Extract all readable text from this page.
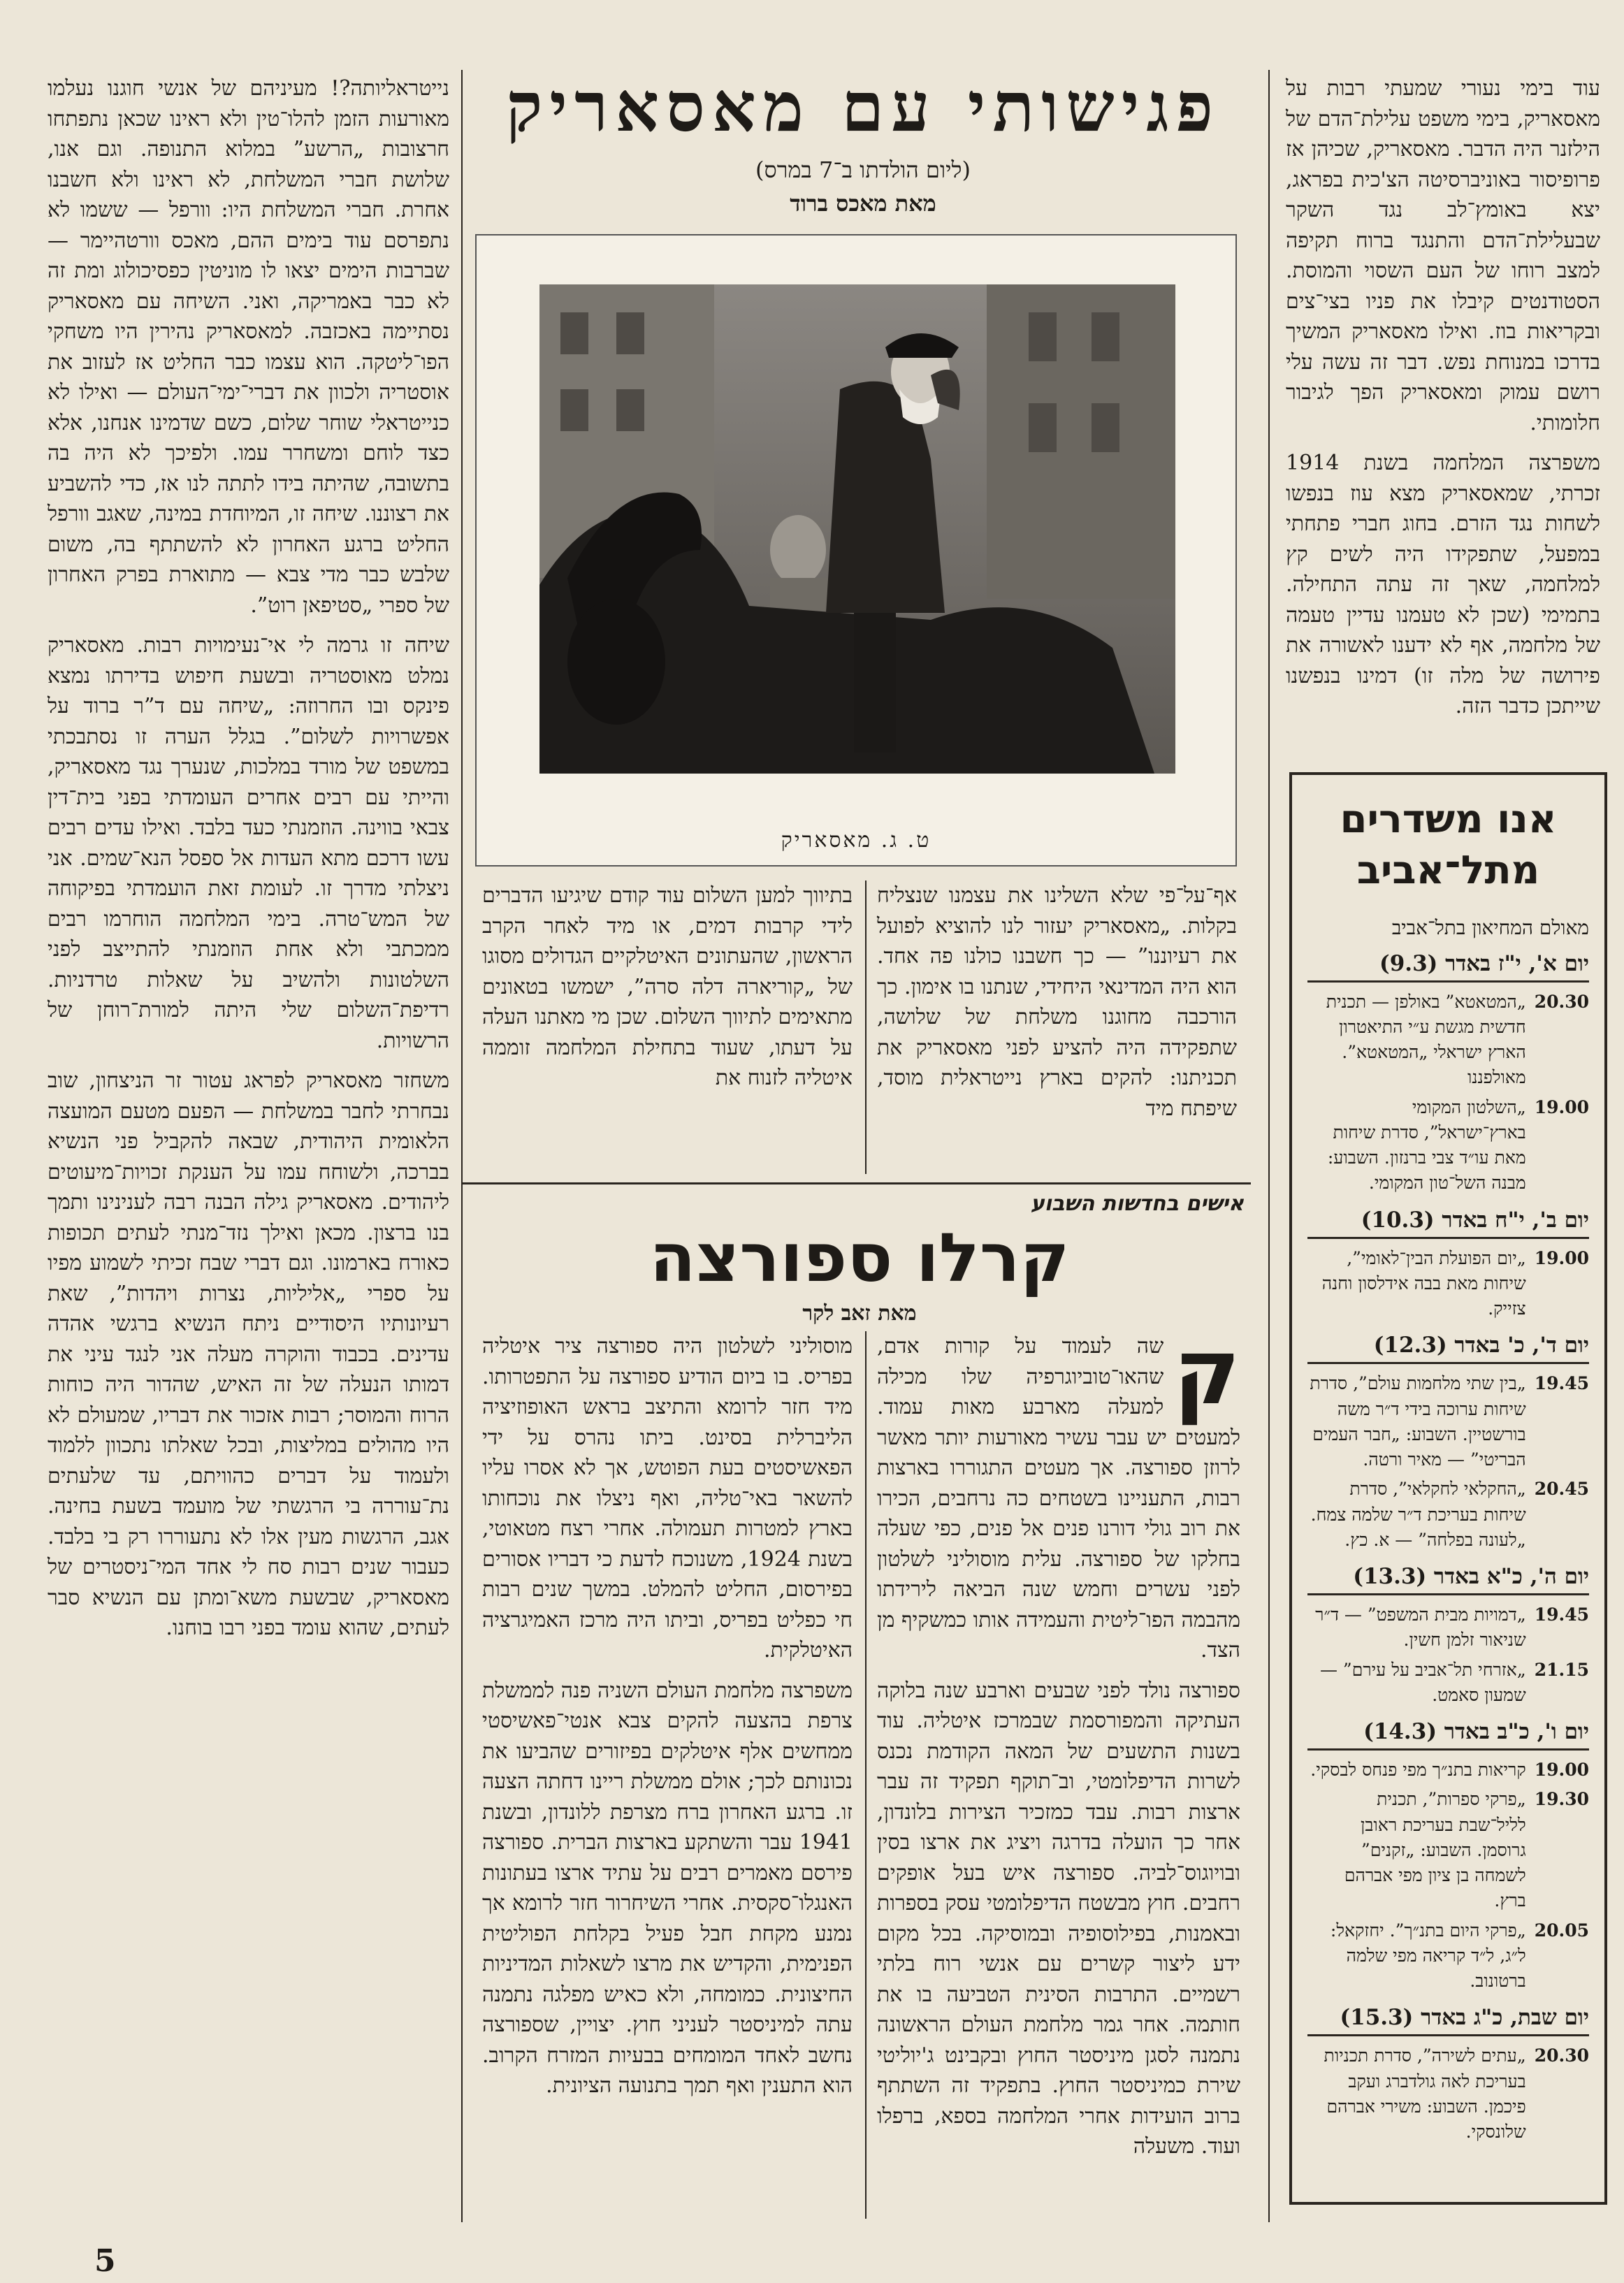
פגישותי עם מאסאריק
(ליום הולדתו ב־7 במרס)
מאת מאכס ברוד
ט. ג. מאסאריק

עוד בימי נעורי שמעתי רבות על מאסאריק, בימי משפט עלילת־הדם של הילזנר היה הדבר. מאסאריק, שכיהן אז פרופיסור באוניברסיטה הצ'כית בפראג, יצא באומץ־לב נגד השקר שבעלילת־הדם והתנגד ברוח תקיפה למצב רוחו של העם השסוי והמוסת. הסטודנטים קיבלו את פניו בצי־צים ובקריאות בוז. ואילו מאסאריק המשיך בדרכו במנוחת נפש. דבר זה עשה עלי רושם עמוק ומאסאריק הפך לגיבור חלומותי.

משפרצה המלחמה בשנת 1914 זכרתי, שמאסאריק מצא עוז בנפשו לשחות נגד הזרם. בחוג חברי פתחתי במפעל, שתפקידו היה לשים קץ למלחמה, שאך זה עתה התחילה. בתמימי (שכן לא טעמנו עדיין טעמה של מלחמה, אף לא ידענו לאשורה את פירושה של מלה זו) דמינו בנפשנו שייתכן כדבר הזה.

אף־על־פי שלא השלינו את עצמנו שנצליח בקלות. „מאסאריק יעזור לנו להוציא לפועל את רעיוננו” — כך חשבנו כולנו פה אחד. הוא היה המדינאי היחידי, שנתנו בו אימון. כך הורכבה מחוגנו משלחת של שלושה, שתפקידה היה להציע לפני מאסאריק את תכניתנו: להקים בארץ נייטראלית מוסד, שיפתח מיד

בתיווך למען השלום עוד קודם שיגיעו הדברים לידי קרבות דמים, או מיד לאחר הקרב הראשון, שהעתונים האיטלקיים הגדולים מסוגו של „קוריארה דלה סרה”, ישמשו בטאונים מתאימים לתיווך השלום. שכן מי מאתנו העלה על דעתו, שעוד בתחילת המלחמה זוממה איטליה לזנוח את

נייטראליותה?! מעיניהם של אנשי חוגנו נעלמו מאורעות הזמן להלו־טין ולא ראינו שכאן נתפתחו חרצובות „הרשע” במלוא התנופה. וגם אנו, שלושת חברי המשלחת, לא ראינו ולא חשבנו אחרת. חברי המשלחת היו: וורפל — ששמו לא נתפרסם עוד בימים ההם, מאכס וורטהיימר — שברבות הימים יצאו לו מוניטין כפסיכולוג ומת זה לא כבר באמריקה, ואני. השיחה עם מאסאריק נסתיימה באכזבה. למאסאריק נהירין היו משחקי הפו־ליטקה. הוא עצמו כבר החליט אז לעזוב את אוסטריה ולכוון את דברי־ימי־העולם — ואילו לא כנייטראלי שוחר שלום, כשם שדמינו אנחנו, אלא כצד לוחם ומשחרר עמו. ולפיכך לא היה בה בתשובה, שהיתה בידו לתתה לנו אז, כדי להשביע את רצוננו. שיחה זו, המיוחדת במינה, שאגב וורפל החליט ברגע האחרון לא להשתתף בה, משום שלבש כבר מדי צבא — מתוארת בפרק האחרון של ספרי „סטיפאן רוט”.

שיחה זו גרמה לי אי־נעימויות רבות. מאסאריק נמלט מאוסטריה ובשעת חיפוש בדירתו נמצא פינקס ובו החרוזה: „שיחה עם ד”ר ברוד על אפשרויות לשלום”. בגלל הערה זו נסתבכתי במשפט של מורד במלכות, שנערך נגד מאסאריק, והייתי עם רבים אחרים העומדתי בפני בית־דין צבאי בווינה. הוזמנתי כעד בלבד. ואילו עדים רבים עשו דרכם מתא העדות אל ספסל הנא־שמים. אני ניצלתי מדרך זו. לעומת זאת הועמדתי בפיקוחה של המש־טרה. בימי המלחמה הוחרמו רבים ממכתבי ולא אחת הוזמנתי להתייצב לפני השלטונות ולהשיב על שאלות טרדניות. רדיפת־השלום שלי היתה למורת־רוחן של הרשויות.

משחזר מאסאריק לפראג עטור זר הניצחון, שוב נבחרתי לחבר במשלחת — הפעם מטעם המועצה הלאומית היהודית, שבאה להקביל פני הנשיא בברכה, ולשוחח עמו על הענקת זכויות־מיעוטים ליהודים. מאסאריק גילה הבנה רבה לענינינו ותמך בנו ברצון. מכאן ואילך נזד־מנתי לעתים תכופות כאורח בארמונו. וגם דברי שבח זכיתי לשמוע מפיו על ספרי „אליליות, נצרות ויהדות”, שאת רעיונותיו היסודיים ניתח הנשיא ברגשי אהדה עדינים. בכבוד והוקרה מעלה אני לנגד עיני את דמותו הנעלה של זה האיש, שהדור היה כוחות הרוח והמוסר; רבות אזכור את דבריו, שמעולם לא היו מהולים במליצות, ובכל שאלתו נתכוון ללמוד ולעמוד על דברים כהוויתם, עד שלעתים נת־עוררה בי הרגשתי של מועמד בשעת בחינה. אגב, הרגשות מעין אלו לא נתעוררו רק בי בלבד. כעבור שנים רבות סח לי אחד המי־ניסטרים של מאסאריק, שבשעת משא־ומתן עם הנשיא סבר לעתים, שהוא עומד בפני רבו בוחנו.

אישים בחדשות השבוע
קרלו ספורצה
מאת זאב לקר

ק
שה לעמוד על קורות אדם, שהאו־טוביוגרפיה שלו מכילה למעלה מארבע מאות עמוד. למעטים יש עבר עשיר מאורעות יותר מאשר לרוזן ספורצה. אך מעטים התגוררו בארצות רבות, התעניינו בשטחים כה נרחבים, הכירו את רוב גולי דורנו פנים אל פנים, כפי שעלה בחלקו של ספורצה. עלית מוסוליני לשלטון לפני עשרים וחמש שנה הביאה לירידתו מהבמה הפו־ליטית והעמידה אותו כמשקיף מן הצד.

ספורצה נולד לפני שבעים וארבע שנה בלוקה העתיקה והמפורסמת שבמרכז איטליה. עוד בשנות התשעים של המאה הקודמת נכנס לשרות הדיפלומטי, וב־תוקף תפקיד זה עבר ארצות רבות. עבד כמזכיר הצירות בלונדון, אחר כך הועלה בדרגה ויציג את ארצו בסין ובויוגוס־לביה. ספורצה איש בעל אופקים רחבים. חוץ מבשטח הדיפלומטי עסק בספרות ובאמנות, בפילוסופיה ובמוסיקה. בכל מקום ידע ליצור קשרים עם אנשי רוח בלתי רשמיים. התרבות הסינית הטביעה בו את חותמה. אחר גמר מלחמת העולם הראשונה נתמנה לסגן מיניסטר החוץ ובקבינט ג'יוליטי שירת כמיניסטר החוץ. בתפקיד זה השתתף ברוב הועידות אחרי המלחמה בספא, ברפלו ועוד. משעלה

מוסוליני לשלטון היה ספורצה ציר איטליה בפריס. בו ביום הודיע ספורצה על התפטרותו. מיד חזר לרומא והתיצב בראש האופוזיציה הליברלית בסינט. ביתו נהרס על ידי הפאשיסטים בעת הפוטש, אך לא אסרו עליו להשאר באי־טליה, ואף ניצלו את נוכחותו בארץ למטרות תעמולה. אחרי רצח מטאוטי, בשנת 1924, משנוכח לדעת כי דבריו אסורים בפירסום, החליט להמלט. במשך שנים רבות חי כפליט בפריס, וביתו היה מרכז האמיגרציה האיטלקית.

משפרצה מלחמת העולם השניה פנה לממשלת צרפת בהצעה להקים צבא אנטי־פאשיסטי ממחשים אלף איטלקים בפיזורים שהביעו את נכונותם לכך; אולם ממשלת ריינו דחתה הצעה זו. ברגע האחרון ברח מצרפת ללונדון, ובשנת 1941 עבר והשתקע בארצות הברית. ספורצה פירסם מאמרים רבים על עתיד ארצו בעתונות האנגלו־סקסית. אחרי השיחרור חזר לרומא אך נמנע מקחת חבל פעיל בקלחת הפוליטית הפנימית, והקדיש את מרצו לשאלות המדיניות החיצונית. כמומחה, ולא כאיש מפלגה נתמנה עתה למיניסטר לעניני חוץ. יצויין, שספורצה נחשב לאחד המומחים בבעיות המזרח הקרוב. הוא התענין ואף תמך בתנועה הציונית.

אנו משדרים מתל־אביב
מאולם המחיאון בתל־אביב
יום א', י"ז באדר (9.3)
20.30
„המטאטא” באולפן — תכנית חדשית מגשת ע״י התיאטרון הארץ ישראלי „המטאטא”. מאולפננו
19.00
„השלטון המקומי בארץ־ישראל”, סדרת שיחות מאת עו״ד צבי ברנזון. השבוע: מבנה השל־טון המקומי.
יום ב', י"ח באדר (10.3)
19.00
„יום הפועלת הבין־לאומי”, שיחות מאת בבה אידלסון וחנה צזייק.
יום ד', כ' באדר (12.3)
19.45
„בין שתי מלחמות עולם”, סדרת שיחות ערוכה בידי ד״ר משה בורשטיין. השבוע: „חבר העמים הבריטי” — מאיר ורטה.
20.45
„החקלאי לחקלאי”, סדרת שיחות בעריכת ד״ר שלמה צמח. „לעונה בפלחה” — א. כץ.
יום ה', כ"א באדר (13.3)
19.45
„דמויות מבית המשפט” — ד״ר שניאור זלמן חשין.
21.15
„אזרחי תל־אביב על עירם” — שמעון סאמט.
יום ו', כ"ב באדר (14.3)
19.00
קריאות בתנ״ך מפי פנחס לבסקי.
19.30
„פרקי ספרות”, תכנית לליל־שבת בעריכת ראובן גרוסמן. השבוע: „זקנים” לשמחה בן ציון מפי אברהם ברץ.
20.05
„פרקי היום בתנ״ך”. יחזקאל: ל״ג, ל״ד קריאה מפי שלמה ברטונוב.
יום שבת, כ"ג באדר (15.3)
20.30
„עתים לשירה”, סדרת תכניות בעריכת לאה גולדברג ועקב פיכמן. השבוע: משירי אברהם שלונסקי.
5
